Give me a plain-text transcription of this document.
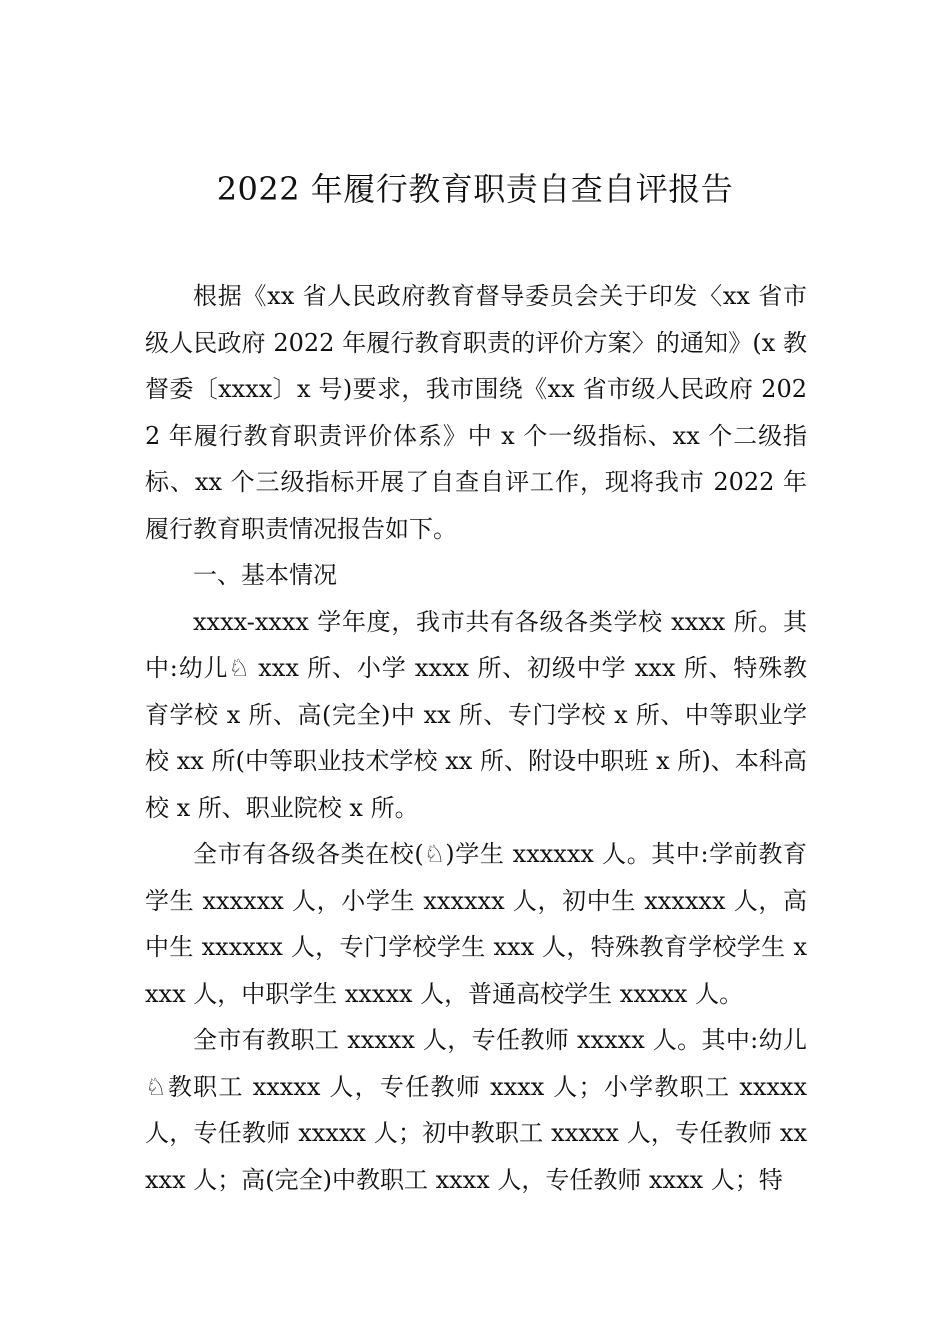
2022 年履行教育职责自查自评报告

根据《xx 省人民政府教育督导委员会关于印发〈xx 省市级人民政府 2022 年履行教育职责的评价方案〉的通知》(x 教督委〔xxxx〕x 号)要求，我市围绕《xx 省市级人民政府 2022 年履行教育职责评价体系》中 x 个一级指标、xx 个二级指标、xx 个三级指标开展了自查自评工作，现将我市 2022 年履行教育职责情况报告如下。

一、基本情况

xxxx-xxxx 学年度，我市共有各级各类学校 xxxx 所。其中:幼儿♘ xxx 所、小学 xxxx 所、初级中学 xxx 所、特殊教育学校 x 所、高(完全)中 xx 所、专门学校 x 所、中等职业学校 xx 所(中等职业技术学校 xx 所、附设中职班 x 所)、本科高校 x 所、职业院校 x 所。

全市有各级各类在校(♘)学生 xxxxxx 人。其中:学前教育学生 xxxxxx 人，小学生 xxxxxx 人，初中生 xxxxxx 人，高中生 xxxxxx 人，专门学校学生 xxx 人，特殊教育学校学生 xxxx 人，中职学生 xxxxx 人，普通高校学生 xxxxx 人。

全市有教职工 xxxxx 人，专任教师 xxxxx 人。其中:幼儿♘教职工 xxxxx 人，专任教师 xxxx 人；小学教职工 xxxxx 人，专任教师 xxxxx 人；初中教职工 xxxxx 人，专任教师 xxxxx 人；高(完全)中教职工 xxxx 人，专任教师 xxxx 人；特
